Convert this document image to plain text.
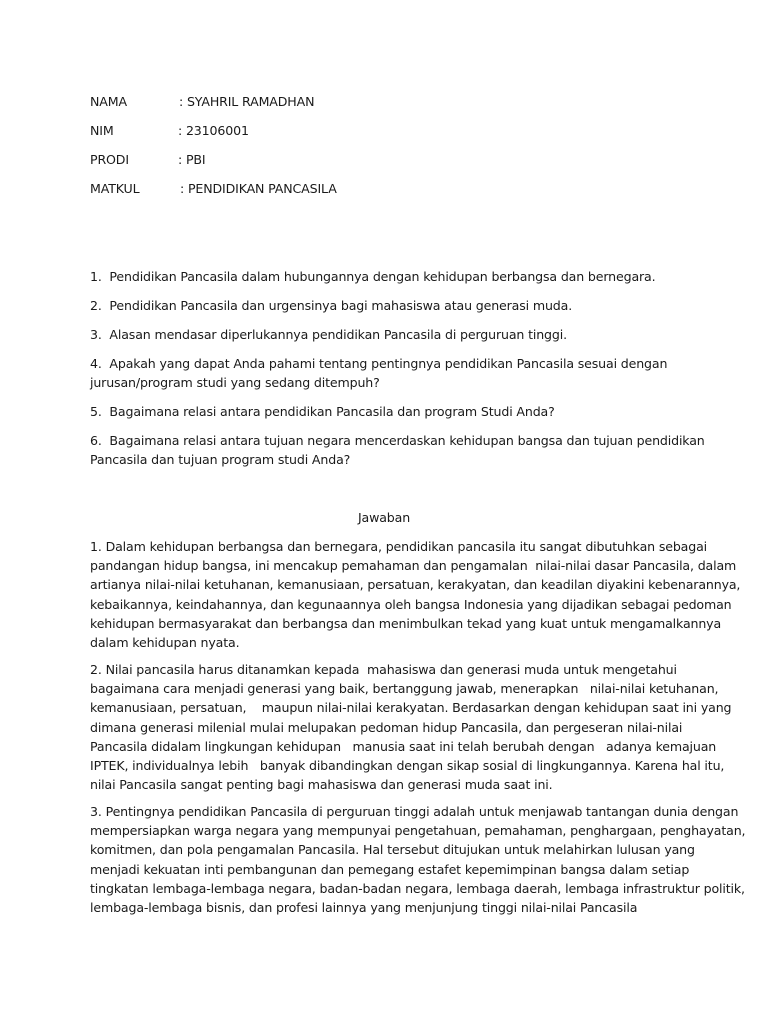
NAMA	: SYAHRIL RAMADHAN
NIM	: 23106001
PRODI	: PBI
MATKUL	: PENDIDIKAN PANCASILA

1.  Pendidikan Pancasila dalam hubungannya dengan kehidupan berbangsa dan bernegara.

2.  Pendidikan Pancasila dan urgensinya bagi mahasiswa atau generasi muda.

3.  Alasan mendasar diperlukannya pendidikan Pancasila di perguruan tinggi.

4.  Apakah yang dapat Anda pahami tentang pentingnya pendidikan Pancasila sesuai dengan
jurusan/program studi yang sedang ditempuh?

5.  Bagaimana relasi antara pendidikan Pancasila dan program Studi Anda?

6.  Bagaimana relasi antara tujuan negara mencerdaskan kehidupan bangsa dan tujuan pendidikan
Pancasila dan tujuan program studi Anda?

Jawaban

1. Dalam kehidupan berbangsa dan bernegara, pendidikan pancasila itu sangat dibutuhkan sebagai
pandangan hidup bangsa, ini mencakup pemahaman dan pengamalan  nilai-nilai dasar Pancasila, dalam
artianya nilai-nilai ketuhanan, kemanusiaan, persatuan, kerakyatan, dan keadilan diyakini kebenarannya,
kebaikannya, keindahannya, dan kegunaannya oleh bangsa Indonesia yang dijadikan sebagai pedoman
kehidupan bermasyarakat dan berbangsa dan menimbulkan tekad yang kuat untuk mengamalkannya
dalam kehidupan nyata.

2. Nilai pancasila harus ditanamkan kepada  mahasiswa dan generasi muda untuk mengetahui
bagaimana cara menjadi generasi yang baik, bertanggung jawab, menerapkan   nilai-nilai ketuhanan,
kemanusiaan, persatuan,    maupun nilai-nilai kerakyatan. Berdasarkan dengan kehidupan saat ini yang
dimana generasi milenial mulai melupakan pedoman hidup Pancasila, dan pergeseran nilai-nilai
Pancasila didalam lingkungan kehidupan   manusia saat ini telah berubah dengan   adanya kemajuan
IPTEK, individualnya lebih   banyak dibandingkan dengan sikap sosial di lingkungannya. Karena hal itu,
nilai Pancasila sangat penting bagi mahasiswa dan generasi muda saat ini.

3. Pentingnya pendidikan Pancasila di perguruan tinggi adalah untuk menjawab tantangan dunia dengan
mempersiapkan warga negara yang mempunyai pengetahuan, pemahaman, penghargaan, penghayatan,
komitmen, dan pola pengamalan Pancasila. Hal tersebut ditujukan untuk melahirkan lulusan yang
menjadi kekuatan inti pembangunan dan pemegang estafet kepemimpinan bangsa dalam setiap
tingkatan lembaga-lembaga negara, badan-badan negara, lembaga daerah, lembaga infrastruktur politik,
lembaga-lembaga bisnis, dan profesi lainnya yang menjunjung tinggi nilai-nilai Pancasila
